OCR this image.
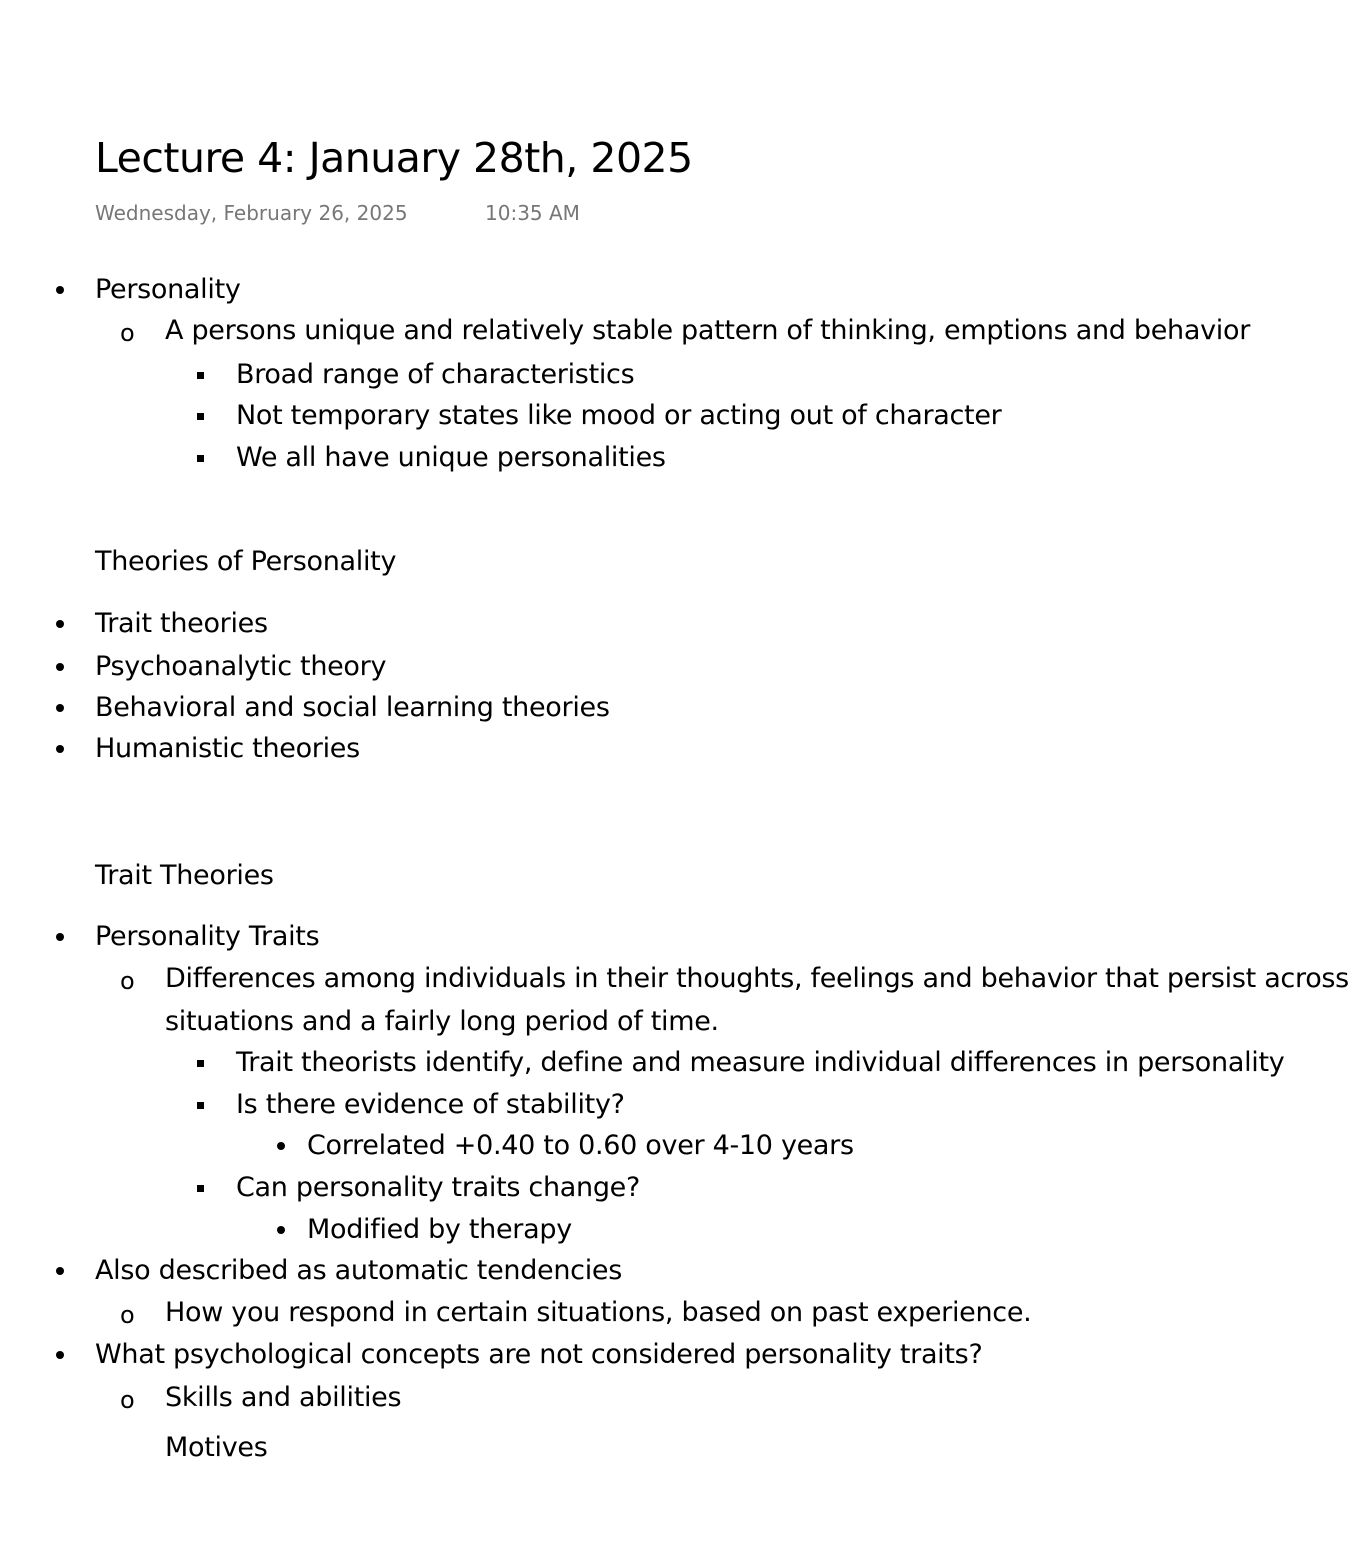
Lecture 4: January 28th, 2025
Wednesday, February 26, 2025	10:35 AM
Personality
A persons unique and relatively stable pattern of thinking, emptions and behavior
Broad range of characteristics
Not temporary states like mood or acting out of character
We all have unique personalities
Theories of Personality
Trait theories
Psychoanalytic theory
Behavioral and social learning theories
Humanistic theories
Trait Theories
Personality Traits
Differences among individuals in their thoughts, feelings and behavior that persist across
situations and a fairly long period of time.
Trait theorists identify, define and measure individual differences in personality
Is there evidence of stability?
Correlated +0.40 to 0.60 over 4-10 years
Can personality traits change?
Modified by therapy
Also described as automatic tendencies
How you respond in certain situations, based on past experience.
What psychological concepts are not considered personality traits?
Skills and abilities
Motives
